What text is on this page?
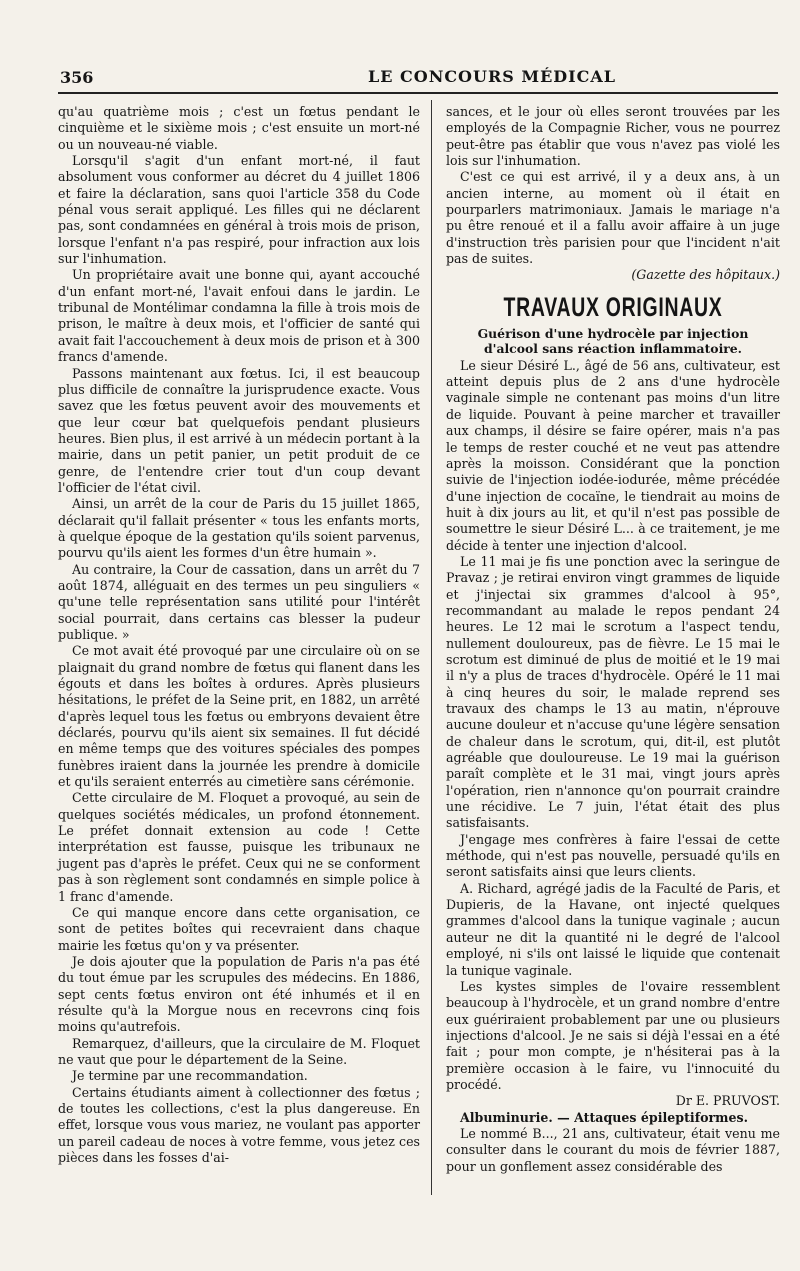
356	LE CONCOURS MÉDICAL

qu'au quatrième mois ; c'est un fœtus pendant le cinquième et le sixième mois ; c'est ensuite un mort-né ou un nouveau-né viable.

Lorsqu'il s'agit d'un enfant mort-né, il faut absolument vous conformer au décret du 4 juillet 1806 et faire la déclaration, sans quoi l'article 358 du Code pénal vous serait appliqué. Les filles qui ne déclarent pas, sont condamnées en général à trois mois de prison, lorsque l'enfant n'a pas respiré, pour infraction aux lois sur l'inhumation.

Un propriétaire avait une bonne qui, ayant accouché d'un enfant mort-né, l'avait enfoui dans le jardin. Le tribunal de Montélimar condamna la fille à trois mois de prison, le maître à deux mois, et l'officier de santé qui avait fait l'accouchement à deux mois de prison et à 300 francs d'amende.

Passons maintenant aux fœtus. Ici, il est beaucoup plus difficile de connaître la jurisprudence exacte. Vous savez que les fœtus peuvent avoir des mouvements et que leur cœur bat quelquefois pendant plusieurs heures. Bien plus, il est arrivé à un médecin portant à la mairie, dans un petit panier, un petit produit de ce genre, de l'entendre crier tout d'un coup devant l'officier de l'état civil.

Ainsi, un arrêt de la cour de Paris du 15 juillet 1865, déclarait qu'il fallait présenter « tous les enfants morts, à quelque époque de la gestation qu'ils soient parvenus, pourvu qu'ils aient les formes d'un être humain ».

Au contraire, la Cour de cassation, dans un arrêt du 7 août 1874, alléguait en des termes un peu singuliers « qu'une telle représentation sans utilité pour l'intérêt social pourrait, dans certains cas blesser la pudeur publique. »

Ce mot avait été provoqué par une circulaire où on se plaignait du grand nombre de fœtus qui flanent dans les égouts et dans les boîtes à ordures. Après plusieurs hésitations, le préfet de la Seine prit, en 1882, un arrêté d'après lequel tous les fœtus ou embryons devaient être déclarés, pourvu qu'ils aient six semaines. Il fut décidé en même temps que des voitures spéciales des pompes funèbres iraient dans la journée les prendre à domicile et qu'ils seraient enterrés au cimetière sans cérémonie.

Cette circulaire de M. Floquet a provoqué, au sein de quelques sociétés médicales, un profond étonnement. Le préfet donnait extension au code ! Cette interprétation est fausse, puisque les tribunaux ne jugent pas d'après le préfet. Ceux qui ne se conforment pas à son règlement sont condamnés en simple police à 1 franc d'amende.

Ce qui manque encore dans cette organisation, ce sont de petites boîtes qui recevraient dans chaque mairie les fœtus qu'on y va présenter.

Je dois ajouter que la population de Paris n'a pas été du tout émue par les scrupules des médecins. En 1886, sept cents fœtus environ ont été inhumés et il en résulte qu'à la Morgue nous en recevrons cinq fois moins qu'autrefois.

Remarquez, d'ailleurs, que la circulaire de M. Floquet ne vaut que pour le département de la Seine.

Je termine par une recommandation.

Certains étudiants aiment à collectionner des fœtus ; de toutes les collections, c'est la plus dangereuse. En effet, lorsque vous vous mariez, ne voulant pas apporter un pareil cadeau de noces à votre femme, vous jetez ces pièces dans les fosses d'ai-

sances, et le jour où elles seront trouvées par les employés de la Compagnie Richer, vous ne pourrez peut-être pas établir que vous n'avez pas violé les lois sur l'inhumation.

C'est ce qui est arrivé, il y a deux ans, à un ancien interne, au moment où il était en pourparlers matrimoniaux. Jamais le mariage n'a pu être renoué et il a fallu avoir affaire à un juge d'instruction très parisien pour que l'incident n'ait pas de suites.

(Gazette des hôpitaux.)

TRAVAUX ORIGINAUX
Guérison d'une hydrocèle par injection
d'alcool sans réaction inflammatoire.

Le sieur Désiré L., âgé de 56 ans, cultivateur, est atteint depuis plus de 2 ans d'une hydrocèle vaginale simple ne contenant pas moins d'un litre de liquide. Pouvant à peine marcher et travailler aux champs, il désire se faire opérer, mais n'a pas le temps de rester couché et ne veut pas attendre après la moisson. Considérant que la ponction suivie de l'injection iodée-iodurée, même précédée d'une injection de cocaïne, le tiendrait au moins de huit à dix jours au lit, et qu'il n'est pas possible de soumettre le sieur Désiré L... à ce traitement, je me décide à tenter une injection d'alcool.

Le 11 mai je fis une ponction avec la seringue de Pravaz ; je retirai environ vingt grammes de liquide et j'injectai six grammes d'alcool à 95°, recommandant au malade le repos pendant 24 heures. Le 12 mai le scrotum a l'aspect tendu, nullement douloureux, pas de fièvre. Le 15 mai le scrotum est diminué de plus de moitié et le 19 mai il n'y a plus de traces d'hydrocèle. Opéré le 11 mai à cinq heures du soir, le malade reprend ses travaux des champs le 13 au matin, n'éprouve aucune douleur et n'accuse qu'une légère sensation de chaleur dans le scrotum, qui, dit-il, est plutôt agréable que douloureuse. Le 19 mai la guérison paraît complète et le 31 mai, vingt jours après l'opération, rien n'annonce qu'on pourrait craindre une récidive. Le 7 juin, l'état était des plus satisfaisants.

J'engage mes confrères à faire l'essai de cette méthode, qui n'est pas nouvelle, persuadé qu'ils en seront satisfaits ainsi que leurs clients.

A. Richard, agrégé jadis de la Faculté de Paris, et Dupieris, de la Havane, ont injecté quelques grammes d'alcool dans la tunique vaginale ; aucun auteur ne dit la quantité ni le degré de l'alcool employé, ni s'ils ont laissé le liquide que contenait la tunique vaginale.

Les kystes simples de l'ovaire ressemblent beaucoup à l'hydrocèle, et un grand nombre d'entre eux guériraient probablement par une ou plusieurs injections d'alcool. Je ne sais si déjà l'essai en a été fait ; pour mon compte, je n'hésiterai pas à la première occasion à le faire, vu l'innocuité du procédé.

Dr E. PRUVOST.

Albuminurie. — Attaques épileptiformes.

Le nommé B..., 21 ans, cultivateur, était venu me consulter dans le courant du mois de février 1887, pour un gonflement assez considérable des
